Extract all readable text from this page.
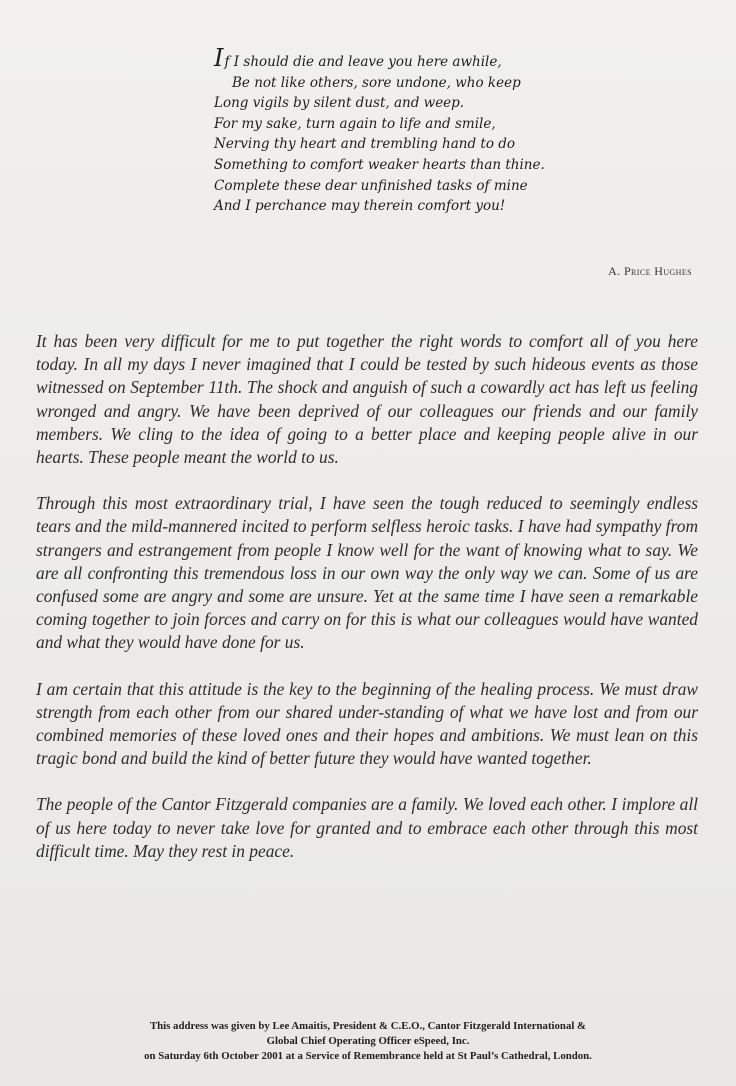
If I should die and leave you here awhile,
Be not like others, sore undone, who keep
Long vigils by silent dust, and weep.
For my sake, turn again to life and smile,
Nerving thy heart and trembling hand to do
Something to comfort weaker hearts than thine.
Complete these dear unfinished tasks of mine
And I perchance may therein comfort you!
A. Price Hughes

It has been very difficult for me to put together the right words to comfort all of you here today. In all my days I never imagined that I could be tested by such hideous events as those witnessed on September 11th. The shock and anguish of such a cowardly act has left us feeling wronged and angry. We have been deprived of our colleagues our friends and our family members. We cling to the idea of going to a better place and keeping people alive in our hearts. These people meant the world to us.

Through this most extraordinary trial, I have seen the tough reduced to seemingly endless tears and the mild-mannered incited to perform selfless heroic tasks. I have had sympathy from strangers and estrangement from people I know well for the want of knowing what to say. We are all confronting this tremendous loss in our own way the only way we can. Some of us are confused some are angry and some are unsure. Yet at the same time I have seen a remarkable coming together to join forces and carry on for this is what our colleagues would have wanted and what they would have done for us.

I am certain that this attitude is the key to the beginning of the healing process. We must draw strength from each other from our shared under-standing of what we have lost and from our combined memories of these loved ones and their hopes and ambitions. We must lean on this tragic bond and build the kind of better future they would have wanted together.

The people of the Cantor Fitzgerald companies are a family. We loved each other. I implore all of us here today to never take love for granted and to embrace each other through this most difficult time. May they rest in peace.

This address was given by Lee Amaitis, President & C.E.O., Cantor Fitzgerald International &
Global Chief Operating Officer eSpeed, Inc.
on Saturday 6th October 2001 at a Service of Remembrance held at St Paul’s Cathedral, London.
